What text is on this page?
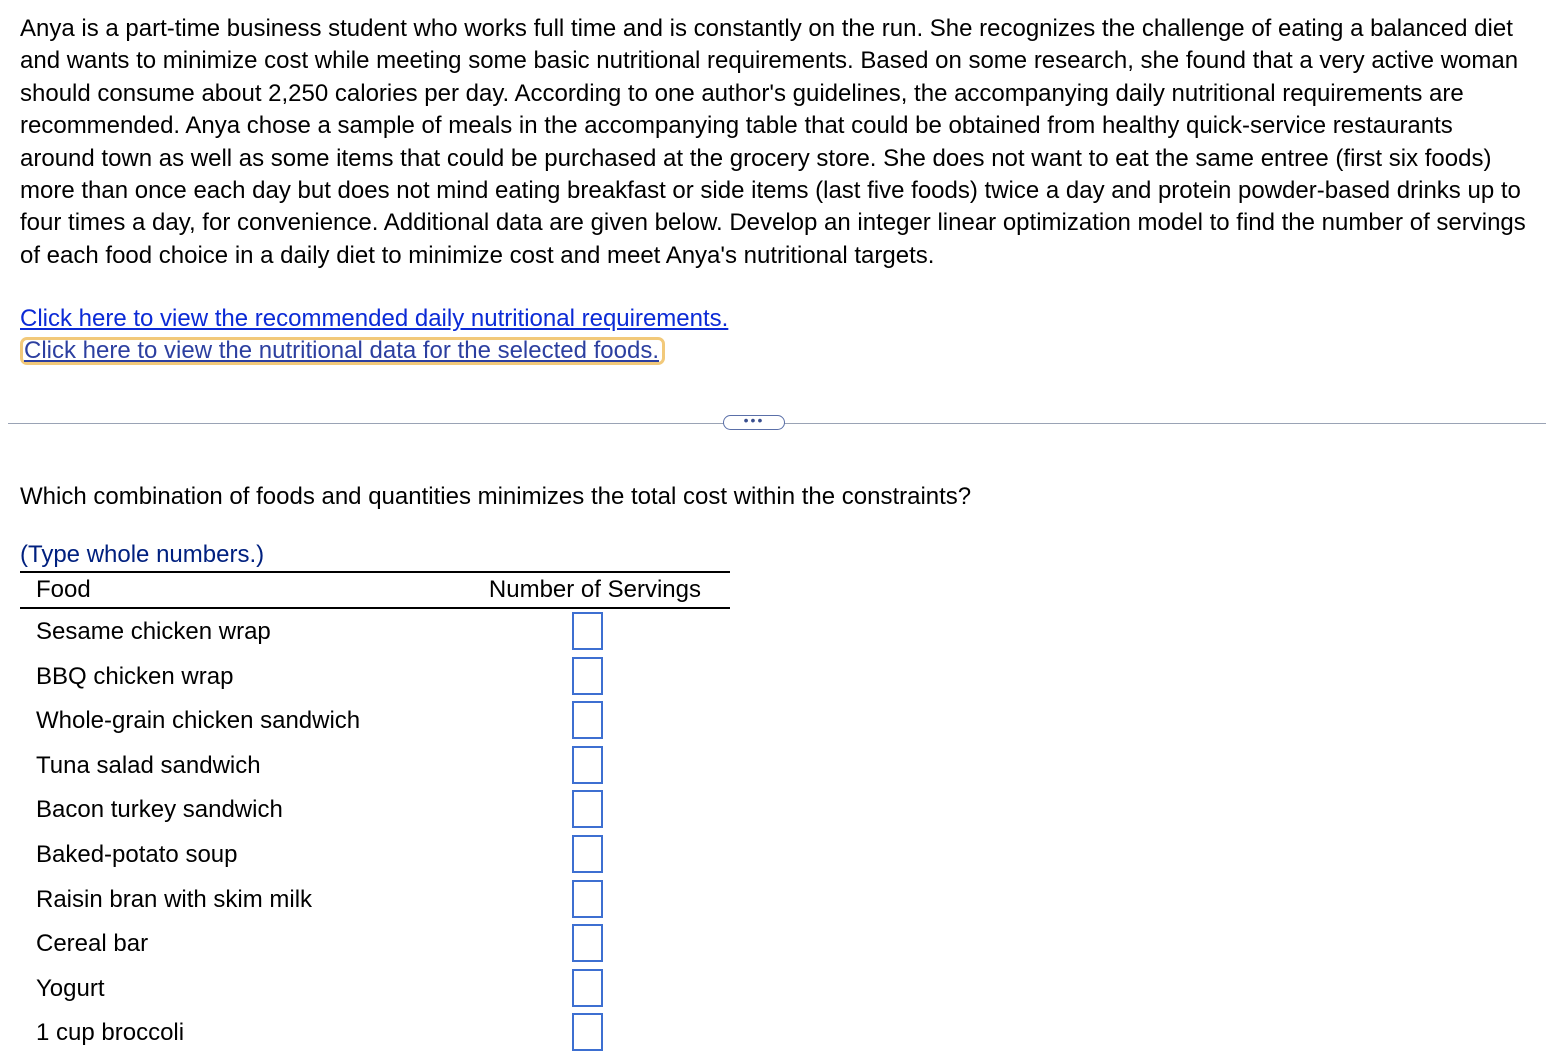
Anya is a part-time business student who works full time and is constantly on the run. She recognizes the challenge of eating a balanced diet and wants to minimize cost while meeting some basic nutritional requirements. Based on some research, she found that a very active woman should consume about 2,250 calories per day. According to one author's guidelines, the accompanying daily nutritional requirements are recommended. Anya chose a sample of meals in the accompanying table that could be obtained from healthy quick-service restaurants around town as well as some items that could be purchased at the grocery store. She does not want to eat the same entree (first six foods) more than once each day but does not mind eating breakfast or side items (last five foods) twice a day and protein powder-based drinks up to four times a day, for convenience. Additional data are given below. Develop an integer linear optimization model to find the number of servings of each food choice in a daily diet to minimize cost and meet Anya's nutritional targets.

Click here to view the recommended daily nutritional requirements.
Click here to view the nutritional data for the selected foods.
•••

Which combination of foods and quantities minimizes the total cost within the constraints?

(Type whole numbers.)
Food	Number of Servings
Sesame chicken wrap
BBQ chicken wrap
Whole-grain chicken sandwich
Tuna salad sandwich
Bacon turkey sandwich
Baked-potato soup
Raisin bran with skim milk
Cereal bar
Yogurt
1 cup broccoli
